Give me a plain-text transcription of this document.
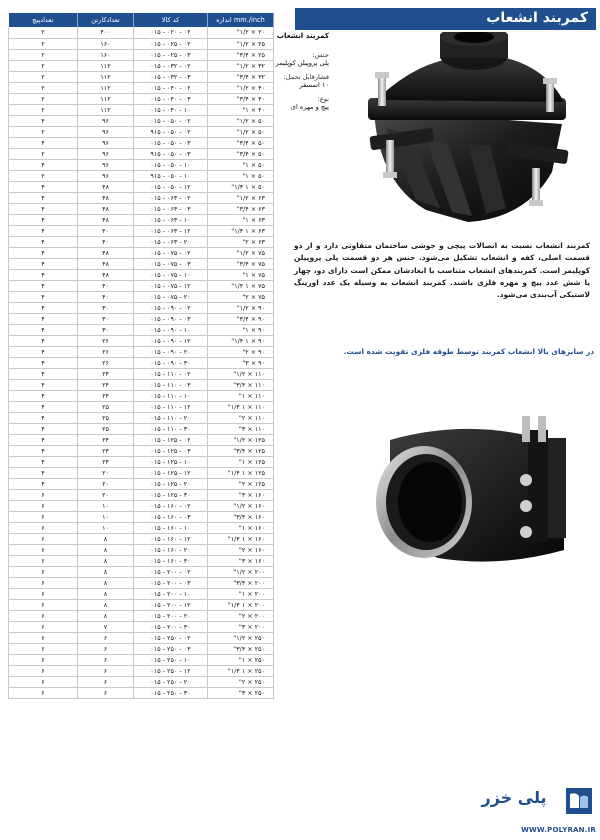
کمربند انشعاب
تعدادپیچ	تعدادکارتن	کد کالا	اندازه mm./inch
۲	۴۰۰	۰۱۵ - ۰۲۰ - ۰۲	۲۰ × ۱/۲"
۲	۱۶۰	۰۱۵ - ۰۲۵ - ۰۲	۲۵ × ۱/۲"
۲	۱۶۰	۰۱۵ - ۰۲۵ - ۰۳	۲۵ × ۳/۴"
۲	۱۱۲	۰۱۵ - ۰۳۲ - ۰۲	۳۲ × ۱/۲"
۲	۱۱۲	۰۱۵ - ۰۳۲ - ۰۳	۳۲ × ۳/۴"
۲	۱۱۲	۰۱۵ - ۰۴۰ - ۰۲	۴۰ × ۱/۲"
۲	۱۱۲	۰۱۵ - ۰۴۰ - ۰۳	۴۰ × ۳/۴"
۲	۱۱۲	۰۱۵ - ۰۴۰ - ۱۰	۴۰ × ۱"
۴	۹۶	۰۱۵ - ۰۵۰ - ۰۲	۵۰ × ۱/۲"
۲	۹۶	۹۱۵ - ۰۵۰ - ۰۲	۵۰ × ۱/۲"
۴	۹۶	۰۱۵ - ۰۵۰ - ۰۳	۵۰ × ۳/۴"
۲	۹۶	۹۱۵ - ۰۵۰ - ۰۳	۵۰ × ۳/۴"
۴	۹۶	۰۱۵ - ۰۵۰ - ۱۰	۵۰ × ۱"
۲	۹۶	۹۱۵ - ۰۵۰ - ۱۰	۵۰ × ۱"
۴	۴۸	۰۱۵ - ۰۵۰ - ۱۲	۵۰ × ۱ ۱/۴"
۴	۴۸	۰۱۵ - ۰۶۳ - ۰۲	۶۳ × ۱/۲"
۴	۴۸	۰۱۵ - ۰۶۳ - ۰۳	۶۳ × ۳/۴"
۴	۴۸	۰۱۵ - ۰۶۳ - ۱۰	۶۳ × ۱"
۴	۴۰	۰۱۵ - ۰۶۳ - ۱۲	۶۳ × ۱ ۱/۴"
۴	۴۰	۰۱۵ - ۰۶۳ - ۲۰	۶۳ × ۲"
۴	۴۸	۰۱۵ - ۰۷۵ - ۰۲	۷۵ × ۱/۲"
۴	۴۸	۰۱۵ - ۰۷۵ - ۰۳	۷۵ × ۳/۴"
۴	۴۸	۰۱۵ - ۰۷۵ - ۱۰	۷۵ × ۱"
۴	۴۰	۰۱۵ - ۰۷۵ - ۱۲	۷۵ × ۱ ۱/۴"
۴	۴۰	۰۱۵ - ۰۷۵ - ۲۰	۷۵ × ۲"
۴	۳۰	۰۱۵ - ۰۹۰ - ۰۲	۹۰ × ۱/۲"
۴	۳۰	۰۱۵ - ۰۹۰ - ۰۳	۹۰ × ۳/۴"
۴	۳۰	۰۱۵ - ۰۹۰ - ۱۰	۹۰ × ۱"
۴	۲۶	۰۱۵ - ۰۹۰ - ۱۲	۹۰ × ۱ ۱/۴"
۴	۲۶	۰۱۵ - ۰۹۰ - ۲۰	۹۰ × ۲"
۴	۲۶	۰۱۵ - ۰۹۰ - ۳۰	۹۰ × ۳"
۴	۲۴	۰۱۵ - ۱۱۰ - ۰۲	۱۱۰ × ۱/۲"
۴	۲۴	۰۱۵ - ۱۱۰ - ۰۳	۱۱۰ × ۳/۴"
۴	۲۴	۰۱۵ - ۱۱۰ - ۱۰	۱۱۰ × ۱"
۴	۲۵	۰۱۵ - ۱۱۰ - ۱۲	۱۱۰ × ۱ ۱/۴"
۴	۲۵	۰۱۵ - ۱۱۰ - ۲۰	۱۱۰ × ۲"
۴	۲۵	۰۱۵ - ۱۱۰ - ۳۰	۱۱۰ × ۳"
۴	۲۴	۰۱۵ - ۱۲۵ - ۰۲	۱۲۵ × ۱/۲"
۴	۲۴	۰۱۵ - ۱۲۵ - ۰۳	۱۲۵ × ۳/۴"
۴	۲۴	۰۱۵ - ۱۲۵ - ۱۰	۱۲۵ × ۱"
۴	۲۰	۰۱۵ - ۱۲۵ - ۱۲	۱۲۵ × ۱ ۱/۴"
۴	۲۰	۰۱۵ - ۱۲۵ - ۲۰	۱۲۵ × ۲"
۶	۲۰	۰۱۵ - ۱۲۵ - ۳۰	۱۶۰ × ۳"
۶	۱۰	۰۱۵ - ۱۶۰ - ۰۲	۱۶۰ × ۱/۲"
۶	۱۰	۰۱۵ - ۱۶۰ - ۰۳	۱۶۰ × ۳/۴"
۶	۱۰	۰۱۵ - ۱۶۰ - ۱۰	۱۶۰ × ۱"
۶	۸	۰۱۵ - ۱۶۰ - ۱۲	۱۶۰ × ۱ ۱/۴"
۶	۸	۰۱۵ - ۱۶۰ - ۲۰	۱۶۰ × ۲"
۶	۸	۰۱۵ - ۱۶۰ - ۳۰	۱۶۰ × ۳"
۶	۸	۰۱۵ - ۲۰۰ - ۰۲	۲۰۰ × ۱/۲"
۶	۸	۰۱۵ - ۲۰۰ - ۰۳	۲۰۰ × ۳/۴"
۶	۸	۰۱۵ - ۲۰۰ - ۱۰	۲۰۰ × ۱"
۶	۸	۰۱۵ - ۲۰۰ - ۱۲	۲۰۰ × ۱ ۱/۴"
۶	۸	۰۱۵ - ۲۰۰ - ۲۰	۲۰۰ × ۲"
۶	۷	۰۱۵ - ۲۰۰ - ۳۰	۲۰۰ × ۳"
۶	۶	۰۱۵ - ۲۵۰ - ۰۲	۲۵۰ × ۱/۲"
۶	۶	۰۱۵ - ۲۵۰ - ۰۳	۲۵۰ × ۳/۴"
۶	۶	۰۱۵ - ۲۵۰ - ۱۰	۲۵۰ × ۱"
۶	۶	۰۱۵ - ۲۵۰ - ۱۲	۲۵۰ × ۱ ۱/۴"
۶	۶	۰۱۵ - ۲۵۰ - ۲۰	۲۵۰ × ۲"
۶	۶	۰۱۵ - ۲۵۰ - ۳۰	۲۵۰ × ۳"
کمربند انشعاب
جنس:
پلی پروپیلن کوپلیمر
فشارقابل تحمل:
۱۰ اتمسفر
نوع:
پیچ و مهره ای

کمربند انشعاب نسبت به اتصالات پیچی و جوشی ساختمان متفاوتی دارد و از دو قسمت اصلی، کفه و انشعاب تشکیل می‌شود. جنس هر دو قسمت پلی پروپیلن کوپلیمر است. کمربندهای انشعاب متناسب با ابعادشان ممکن است دارای دو، چهار یا شش عدد پیچ و مهره فلزی باشند. کمربند انشعاب به وسیله یک عدد اورینگ لاستیکی آب‌بندی می‌شود.

در سایزهای بالا انشعاب کمربند توسط طوقه فلزی تقویت شده است.

پلی خزر
WWW.POLYRAN.IR
